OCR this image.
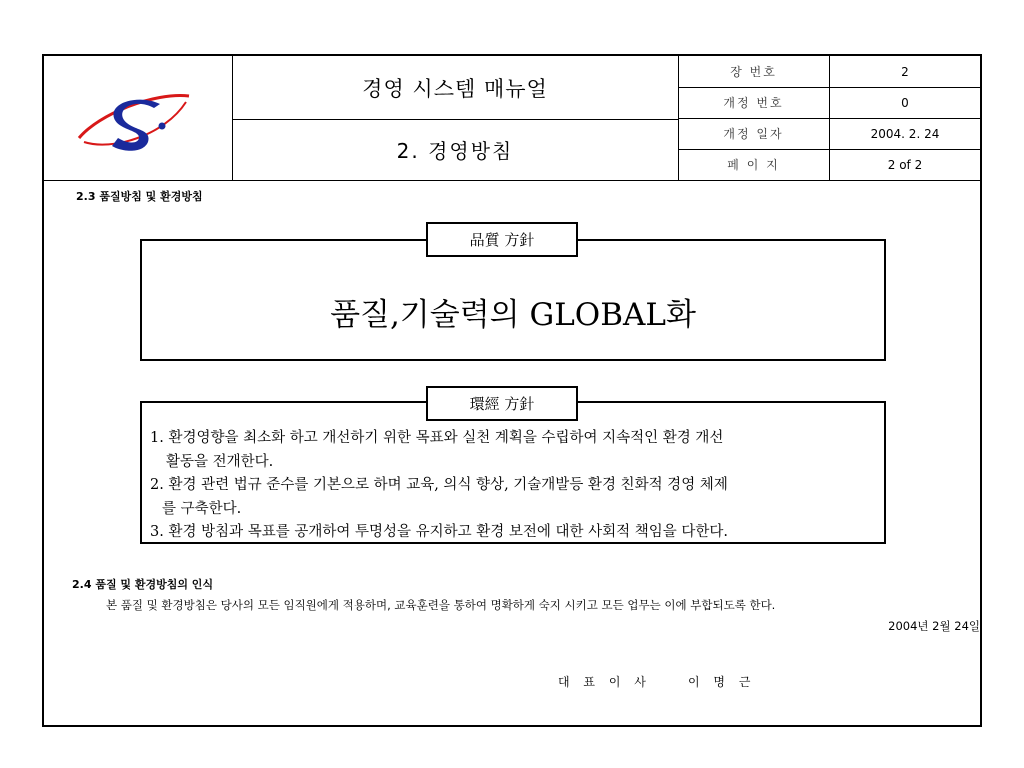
경영 시스템 매뉴얼
2. 경영방침
장 번호	2
개정 번호	0
개정 일자	2004. 2. 24
페 이 지	2 of 2
2.3 품질방침 및 환경방침
품질,기술력의 GLOBAL화
品質 方針
1. 환경영향을 최소화 하고 개선하기 위한 목표와 실천 계획을 수립하여 지속적인 환경 개선
활동을 전개한다.
2. 환경 관련 법규 준수를 기본으로 하며 교육, 의식 향상, 기술개발등 환경 친화적 경영 체제
를 구축한다.
3. 환경 방침과 목표를 공개하여 투명성을 유지하고 환경 보전에 대한 사회적 책임을 다한다.
環經 方針
2.4 품질 및 환경방침의 인식
본 품질 및 환경방침은 당사의 모든 임직원에게 적용하며, 교육훈련을 통하여 명확하게 숙지 시키고 모든 업무는 이에 부합되도록 한다.
2004년 2월 24일
대 표 이 사	이 명 근
